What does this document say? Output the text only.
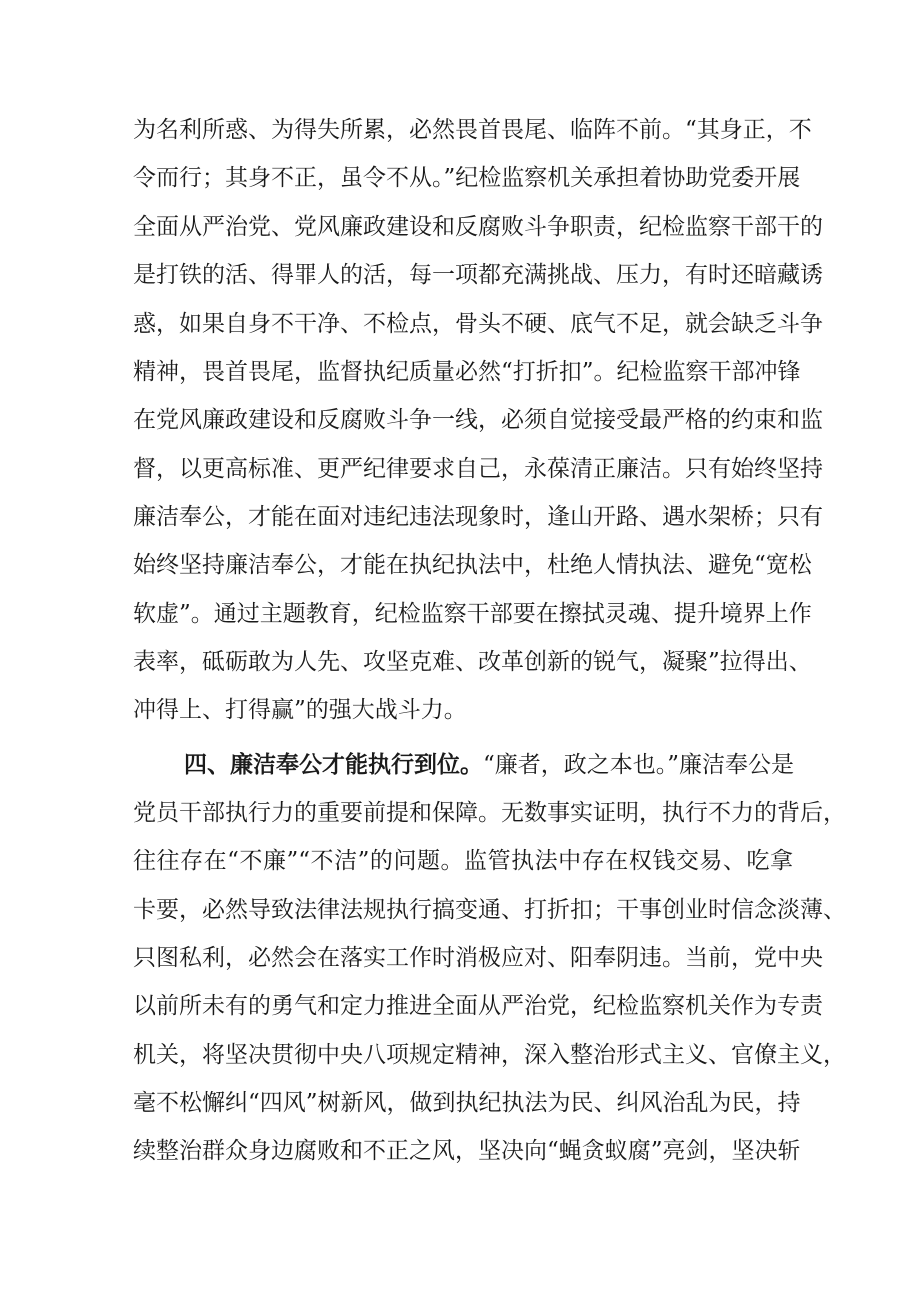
为名利所惑、为得失所累，必然畏首畏尾、临阵不前。“其身正，不
令而行；其身不正，虽令不从。”纪检监察机关承担着协助党委开展
全面从严治党、党风廉政建设和反腐败斗争职责，纪检监察干部干的
是打铁的活、得罪人的活，每一项都充满挑战、压力，有时还暗藏诱
惑，如果自身不干净、不检点，骨头不硬、底气不足，就会缺乏斗争
精神，畏首畏尾，监督执纪质量必然“打折扣”。纪检监察干部冲锋
在党风廉政建设和反腐败斗争一线，必须自觉接受最严格的约束和监
督，以更高标准、更严纪律要求自己，永葆清正廉洁。只有始终坚持
廉洁奉公，才能在面对违纪违法现象时，逢山开路、遇水架桥；只有
始终坚持廉洁奉公，才能在执纪执法中，杜绝人情执法、避免“宽松
软虚”。通过主题教育，纪检监察干部要在擦拭灵魂、提升境界上作
表率，砥砺敢为人先、攻坚克难、改革创新的锐气，凝聚”拉得出、
冲得上、打得赢”的强大战斗力。
四、廉洁奉公才能执行到位。“廉者，政之本也。”廉洁奉公是
党员干部执行力的重要前提和保障。无数事实证明，执行不力的背后，
往往存在“不廉”“不洁”的问题。监管执法中存在权钱交易、吃拿
卡要，必然导致法律法规执行搞变通、打折扣；干事创业时信念淡薄、
只图私利，必然会在落实工作时消极应对、阳奉阴违。当前，党中央
以前所未有的勇气和定力推进全面从严治党，纪检监察机关作为专责
机关，将坚决贯彻中央八项规定精神，深入整治形式主义、官僚主义，
毫不松懈纠“四风”树新风，做到执纪执法为民、纠风治乱为民，持
续整治群众身边腐败和不正之风，坚决向“蝇贪蚁腐”亮剑，坚决斩
